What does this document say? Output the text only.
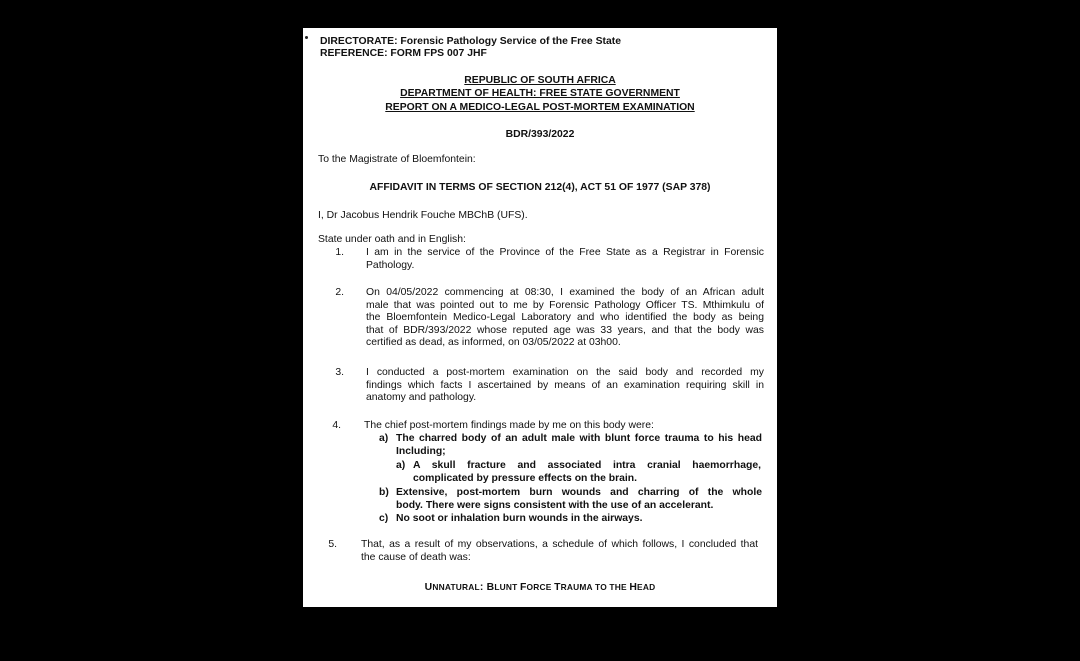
DIRECTORATE: Forensic Pathology Service of the Free State
REFERENCE: FORM FPS 007 JHF
REPUBLIC OF SOUTH AFRICA
DEPARTMENT OF HEALTH: FREE STATE GOVERNMENT
REPORT ON A MEDICO-LEGAL POST-MORTEM EXAMINATION
BDR/393/2022
To the Magistrate of Bloemfontein:
AFFIDAVIT IN TERMS OF SECTION 212(4), ACT 51 OF 1977 (SAP 378)
I, Dr Jacobus Hendrik Fouche MBChB (UFS).
State under oath and in English:
1. I am in the service of the Province of the Free State as a Registrar in Forensic
Pathology.
2. On 04/05/2022 commencing at 08:30, I examined the body of an African adult
male that was pointed out to me by Forensic Pathology Officer TS. Mthimkulu of
the Bloemfontein Medico-Legal Laboratory and who identified the body as being
that of BDR/393/2022 whose reputed age was 33 years, and that the body was
certified as dead, as informed, on 03/05/2022 at 03h00.
3. I conducted a post-mortem examination on the said body and recorded my
findings which facts I ascertained by means of an examination requiring skill in
anatomy and pathology.
4. The chief post-mortem findings made by me on this body were:
a) The charred body of an adult male with blunt force trauma to his head
Including;
a) A skull fracture and associated intra cranial haemorrhage,
complicated by pressure effects on the brain.
b) Extensive, post-mortem burn wounds and charring of the whole
body. There were signs consistent with the use of an accelerant.
c) No soot or inhalation burn wounds in the airways.
5. That, as a result of my observations, a schedule of which follows, I concluded that
the cause of death was:
UNNATURAL: BLUNT FORCE TRAUMA TO THE HEAD
